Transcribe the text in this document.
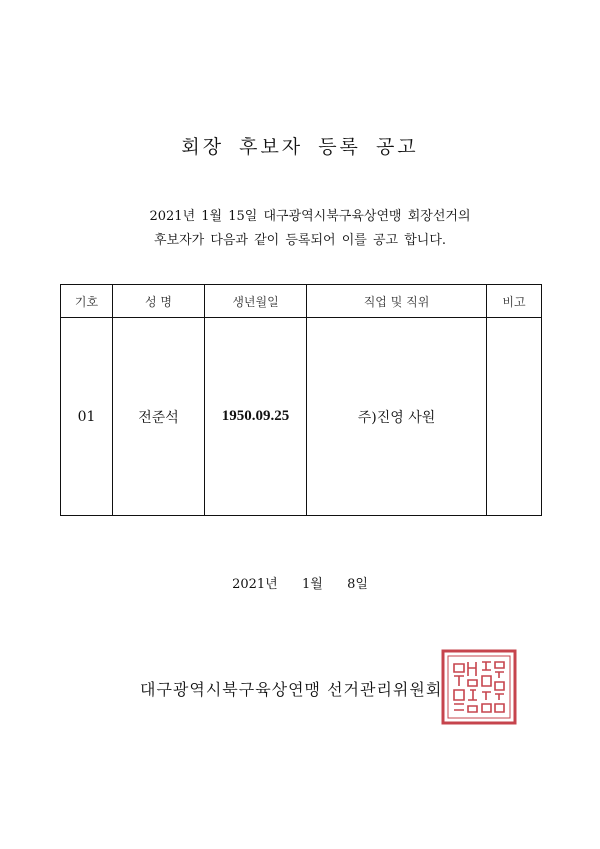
회장 후보자 등록 공고
2021년 1월 15일 대구광역시북구육상연맹 회장선거의
후보자가 다음과 같이 등록되어 이를 공고 합니다.
기호	성 명	생년월일	직업 및 직위	비고
01	전준석	1950.09.25	주)진영 사원	
2021년  1월  8일
대구광역시북구육상연맹 선거관리위원회
